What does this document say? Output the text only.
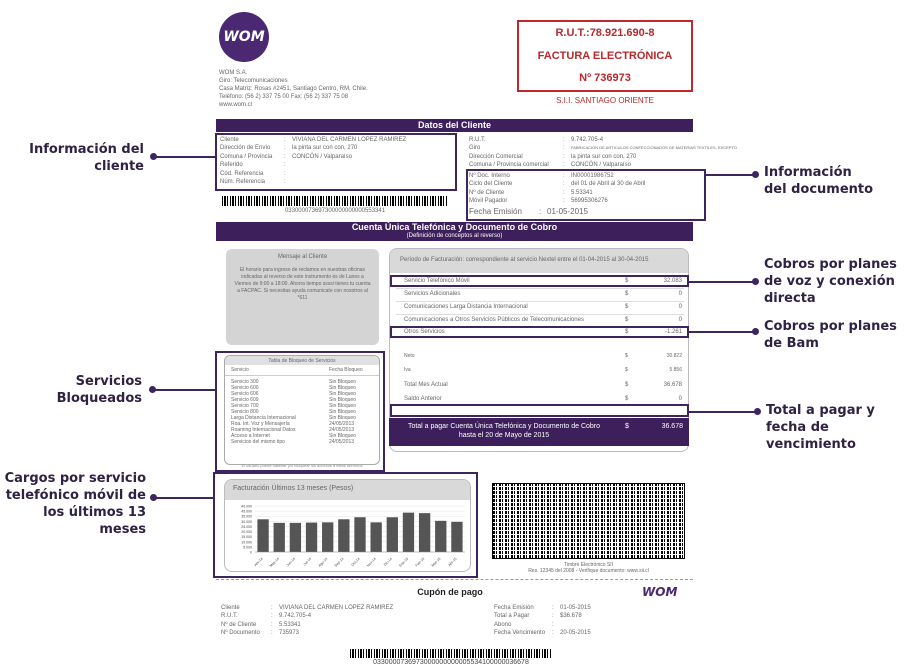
WOM
WOM S.A.
Giro: Telecomunicaciones
Casa Matriz: Rosas #2451, Santiago Centro, RM, Chile.
Teléfono: (56 2) 337 75 00 Fax: (56 2) 337 75 08
www.wom.cl
R.U.T.:78.921.690-8
FACTURA ELECTRÓNICA
Nº 736973
S.I.I. SANTIAGO ORIENTE
Datos del Cliente
Cliente	:	VIVIANA DEL CARMEN LOPEZ RAMIREZ
Dirección de Envío	:	la pinta sur con con, 270
Comuna / Provincia	:	CONCÓN / Valparaíso
Referido	:
Cód. Referencia	:
Núm. Referencia	:
033000073697300000000000553341
R.U.T.	:	9.742.705-4
Giro	:	FABRICACION DE ARTICULOS CONFECCIONADOS DE MATERIAS TEXTILES, EXCEPTO
Dirección Comercial	:	la pinta sur con con, 270
Comuna / Provincia comercial	:	CONCÓN / Valparaíso
Nº Doc. Interno	:	IN00001986752
Ciclo del Cliente	:	del 01 de Abril al 30 de Abril
Nº de Cliente	:	5.53341
Móvil Pagador	:	56995306276
Fecha Emisión	: 01-05-2015
Cuenta Única Telefónica y Documento de Cobro
(Definición de conceptos al reverso)
Mensaje al Cliente
El horario para ingreso de reclamos en nuestras oficinas indicadas al reverso de este instrumento es de Lunes a Viernes de 9:00 a 18:00. Ahorra tiempo ssssi tienes tu cuenta a FACPAC. Si necesitas ayuda comunicate con nosotros al *611
Período de Facturación: correspondiente al servicio Nextel entre el 01-04-2015 al 30-04-2015
Servicio Telefónico Móvil	$	32.083
Servicios Adicionales	$	0
Comunicaciones Larga Distancia Internacional	$	0
Comunicaciones a Otros Servicios Públicos de Telecomunicaciones	$	0
Otros Servicios	$	-1.261
Neto	$	30.822
Iva	$	5.856
Total Mes Actual	$	36.678
Saldo Anterior	$	0
Total a pagar Cuenta Única Telefónica y Documento de Cobro
hasta el 20 de Mayo de 2015
$	36.678
Tabla de Bloqueo de Servicios
Servicio	Fecha Bloqueo
Servicio 300	Sin Bloqueo
Servicio 600	Sin Bloqueo
Servicio 606	Sin Bloqueo
Servicio 609	Sin Bloqueo
Servicio 700	Sin Bloqueo
Servicio 800	Sin Bloqueo
Larga Distancia Internacional	Sin Bloqueo
Roa. Int. Voz y Mensajería	24/05/2013
Roaming Internacional Datos	24/05/2013
Acceso a Internet	Sin Bloqueo
Servicios del mismo tipo	24/05/2013
El usuario puede habilitar y/o bloquear los accesos a estos servicios
Facturación Últimos 13 meses (Pesos)
40.000
45.000
35.000
30.000
25.000
20.000
15.000
10.000
5.000
0
Abr-14 May-14 Jun-14 Jul-14 Ago-14 Sep-14 Oct-14 Nov-14 Dic-14 Ene-15 Feb-15 Mar-15 Abr-15	Timbre Electrónico SII
Res. 12345 del 2008 - Verifique documento: www.sii.cl
Cupón de pago	WOM
Cliente	:	VIVIANA DEL CARMEN LOPEZ RAMIREZ
R.U.T.	:	9.742.705-4
Nº de Cliente	:	5.53341
Nº Documento	:	735973
Fecha Emisión	:	01-05-2015
Total a Pagar	:	$36.678
Abono	:
Fecha Vencimiento	:	20-05-2015
0330000736973000000000005534100000036678
Información del
cliente	Información
del documento
Cobros por planes
de voz y conexión
directa
Cobros por planes
de Bam
Servicios
Bloqueados
Total a pagar y
fecha de vencimiento
Cargos por servicio
telefónico móvil de
los últimos 13
meses
